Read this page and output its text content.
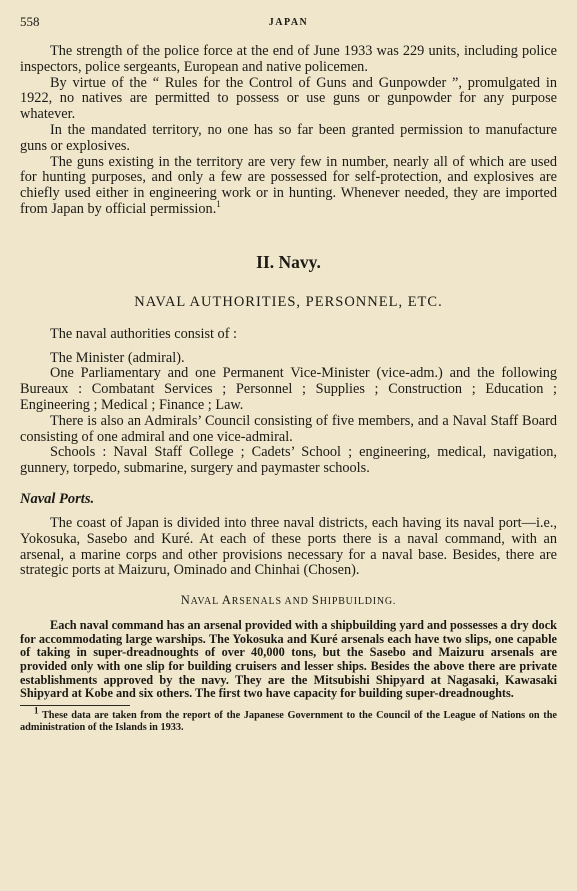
558	JAPAN

The strength of the police force at the end of June 1933 was 229 units, including police inspectors, police sergeants, European and native policemen.

By virtue of the “ Rules for the Control of Guns and Gunpowder ”, promulgated in 1922, no natives are permitted to possess or use guns or gunpowder for any purpose whatever.

In the mandated territory, no one has so far been granted permission to manufacture guns or explosives.

The guns existing in the territory are very few in number, nearly all of which are used for hunting purposes, and only a few are possessed for self-protection, and explosives are chiefly used either in engineering work or in hunting. Whenever needed, they are imported from Japan by official permission.$^1$

II. Navy.
NAVAL AUTHORITIES, PERSONNEL, ETC.

The naval authorities consist of :

The Minister (admiral).

One Parliamentary and one Permanent Vice-Minister (vice-adm.) and the following Bureaux : Combatant Services ; Personnel ; Supplies ; Construction ; Education ; Engineering ; Medical ; Finance ; Law.

There is also an Admirals’ Council consisting of five members, and a Naval Staff Board consisting of one admiral and one vice-admiral.

Schools : Naval Staff College ; Cadets’ School ; engineering, medical, navigation, gunnery, torpedo, submarine, surgery and paymaster schools.

Naval Ports.

The coast of Japan is divided into three naval districts, each having its naval port—i.e., Yokosuka, Sasebo and Kuré. At each of these ports there is a naval command, with an arsenal, a marine corps and other provisions necessary for a naval base. Besides, there are strategic ports at Maizuru, Ominado and Chinhai (Chosen).

NAVAL ARSENALS AND SHIPBUILDING.

Each naval command has an arsenal provided with a shipbuilding yard and possesses a dry dock for accommodating large warships. The Yokosuka and Kuré arsenals each have two slips, one capable of taking in super-dreadnoughts of over 40,000 tons, but the Sasebo and Maizuru arsenals are provided only with one slip for building cruisers and lesser ships. Besides the above there are private establishments approved by the navy. They are the Mitsubishi Shipyard at Nagasaki, Kawasaki Shipyard at Kobe and six others. The first two have capacity for building super-dreadnoughts.

$^1$ These data are taken from the report of the Japanese Government to the Council of the League of Nations on the administration of the Islands in 1933.
